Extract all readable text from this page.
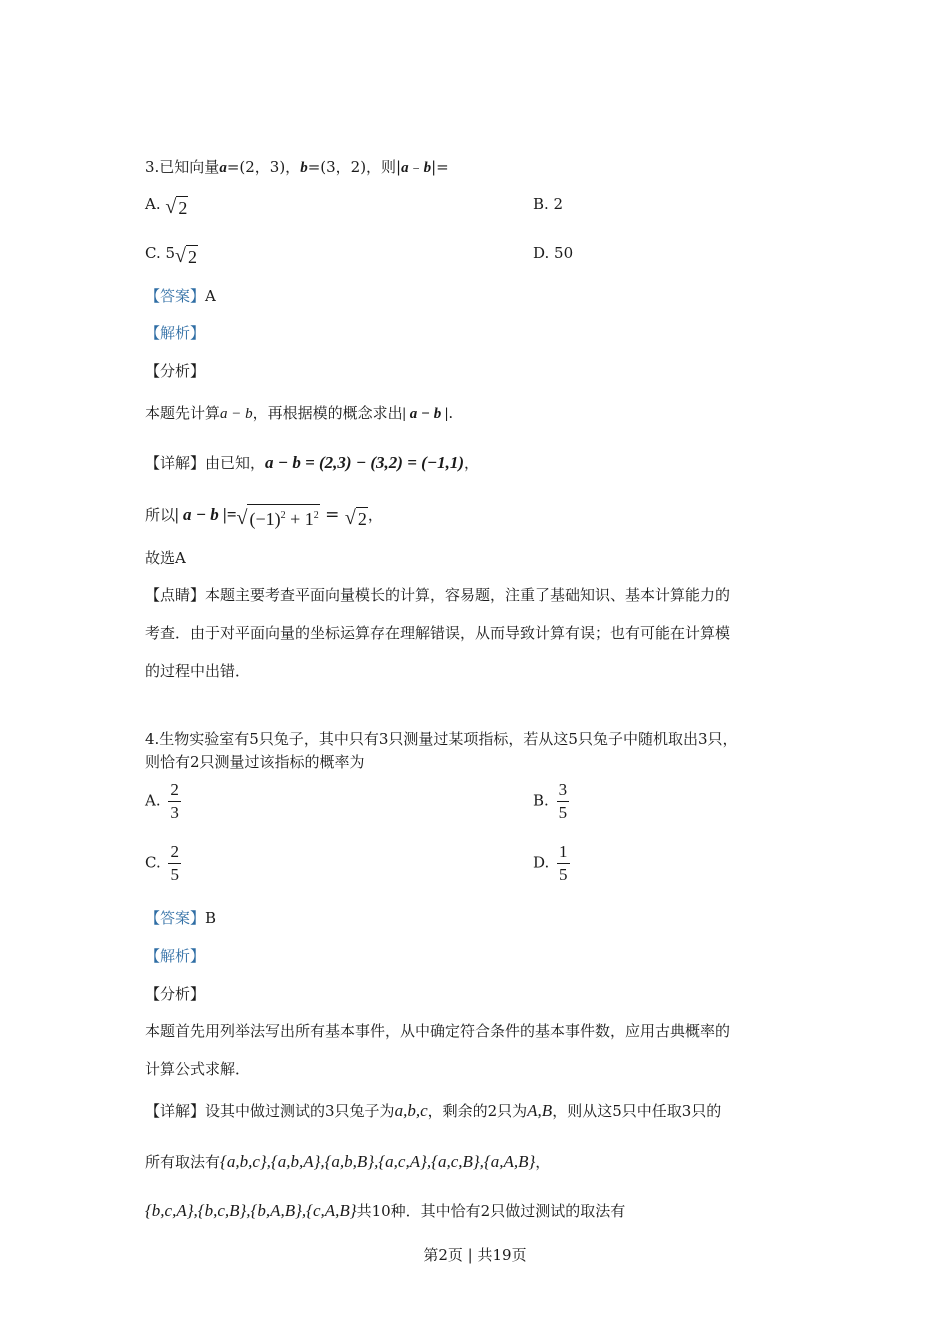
3.已知向量a=(2，3)，b=(3，2)，则|a﹣b|=
A. √ 2	B. 2
C. 5 √ 2	D. 50
【答案】A
【解析】
【分析】
本题先计算a − b，再根据模的概念求出| a − b |.
【详解】由已知，a − b = (2,3) − (3,2) = (−1,1)，
所以| a − b |= √ $(-1)^2 + 1^2$ = √ 2 ，
故选A
【点睛】本题主要考查平面向量模长的计算，容易题，注重了基础知识、基本计算能力的
考查．由于对平面向量的坐标运算存在理解错误，从而导致计算有误；也有可能在计算模
的过程中出错．
4.生物实验室有5只兔子，其中只有3只测量过某项指标，若从这5只兔子中随机取出3只，
则恰有2只测量过该指标的概率为
A. $\frac{2}{3}$	B. $\frac{3}{5}$
C. $\frac{2}{5}$	D. $\frac{1}{5}$
【答案】B
【解析】
【分析】
本题首先用列举法写出所有基本事件，从中确定符合条件的基本事件数，应用古典概率的
计算公式求解．
【详解】设其中做过测试的3只兔子为a,b,c，剩余的2只为A,B，则从这5只中任取3只的
所有取法有{a,b,c},{a,b,A},{a,b,B},{a,c,A},{a,c,B},{a,A,B}，
{b,c,A},{b,c,B},{b,A,B},{c,A,B}共10种．其中恰有2只做过测试的取法有
第2页 | 共19页
